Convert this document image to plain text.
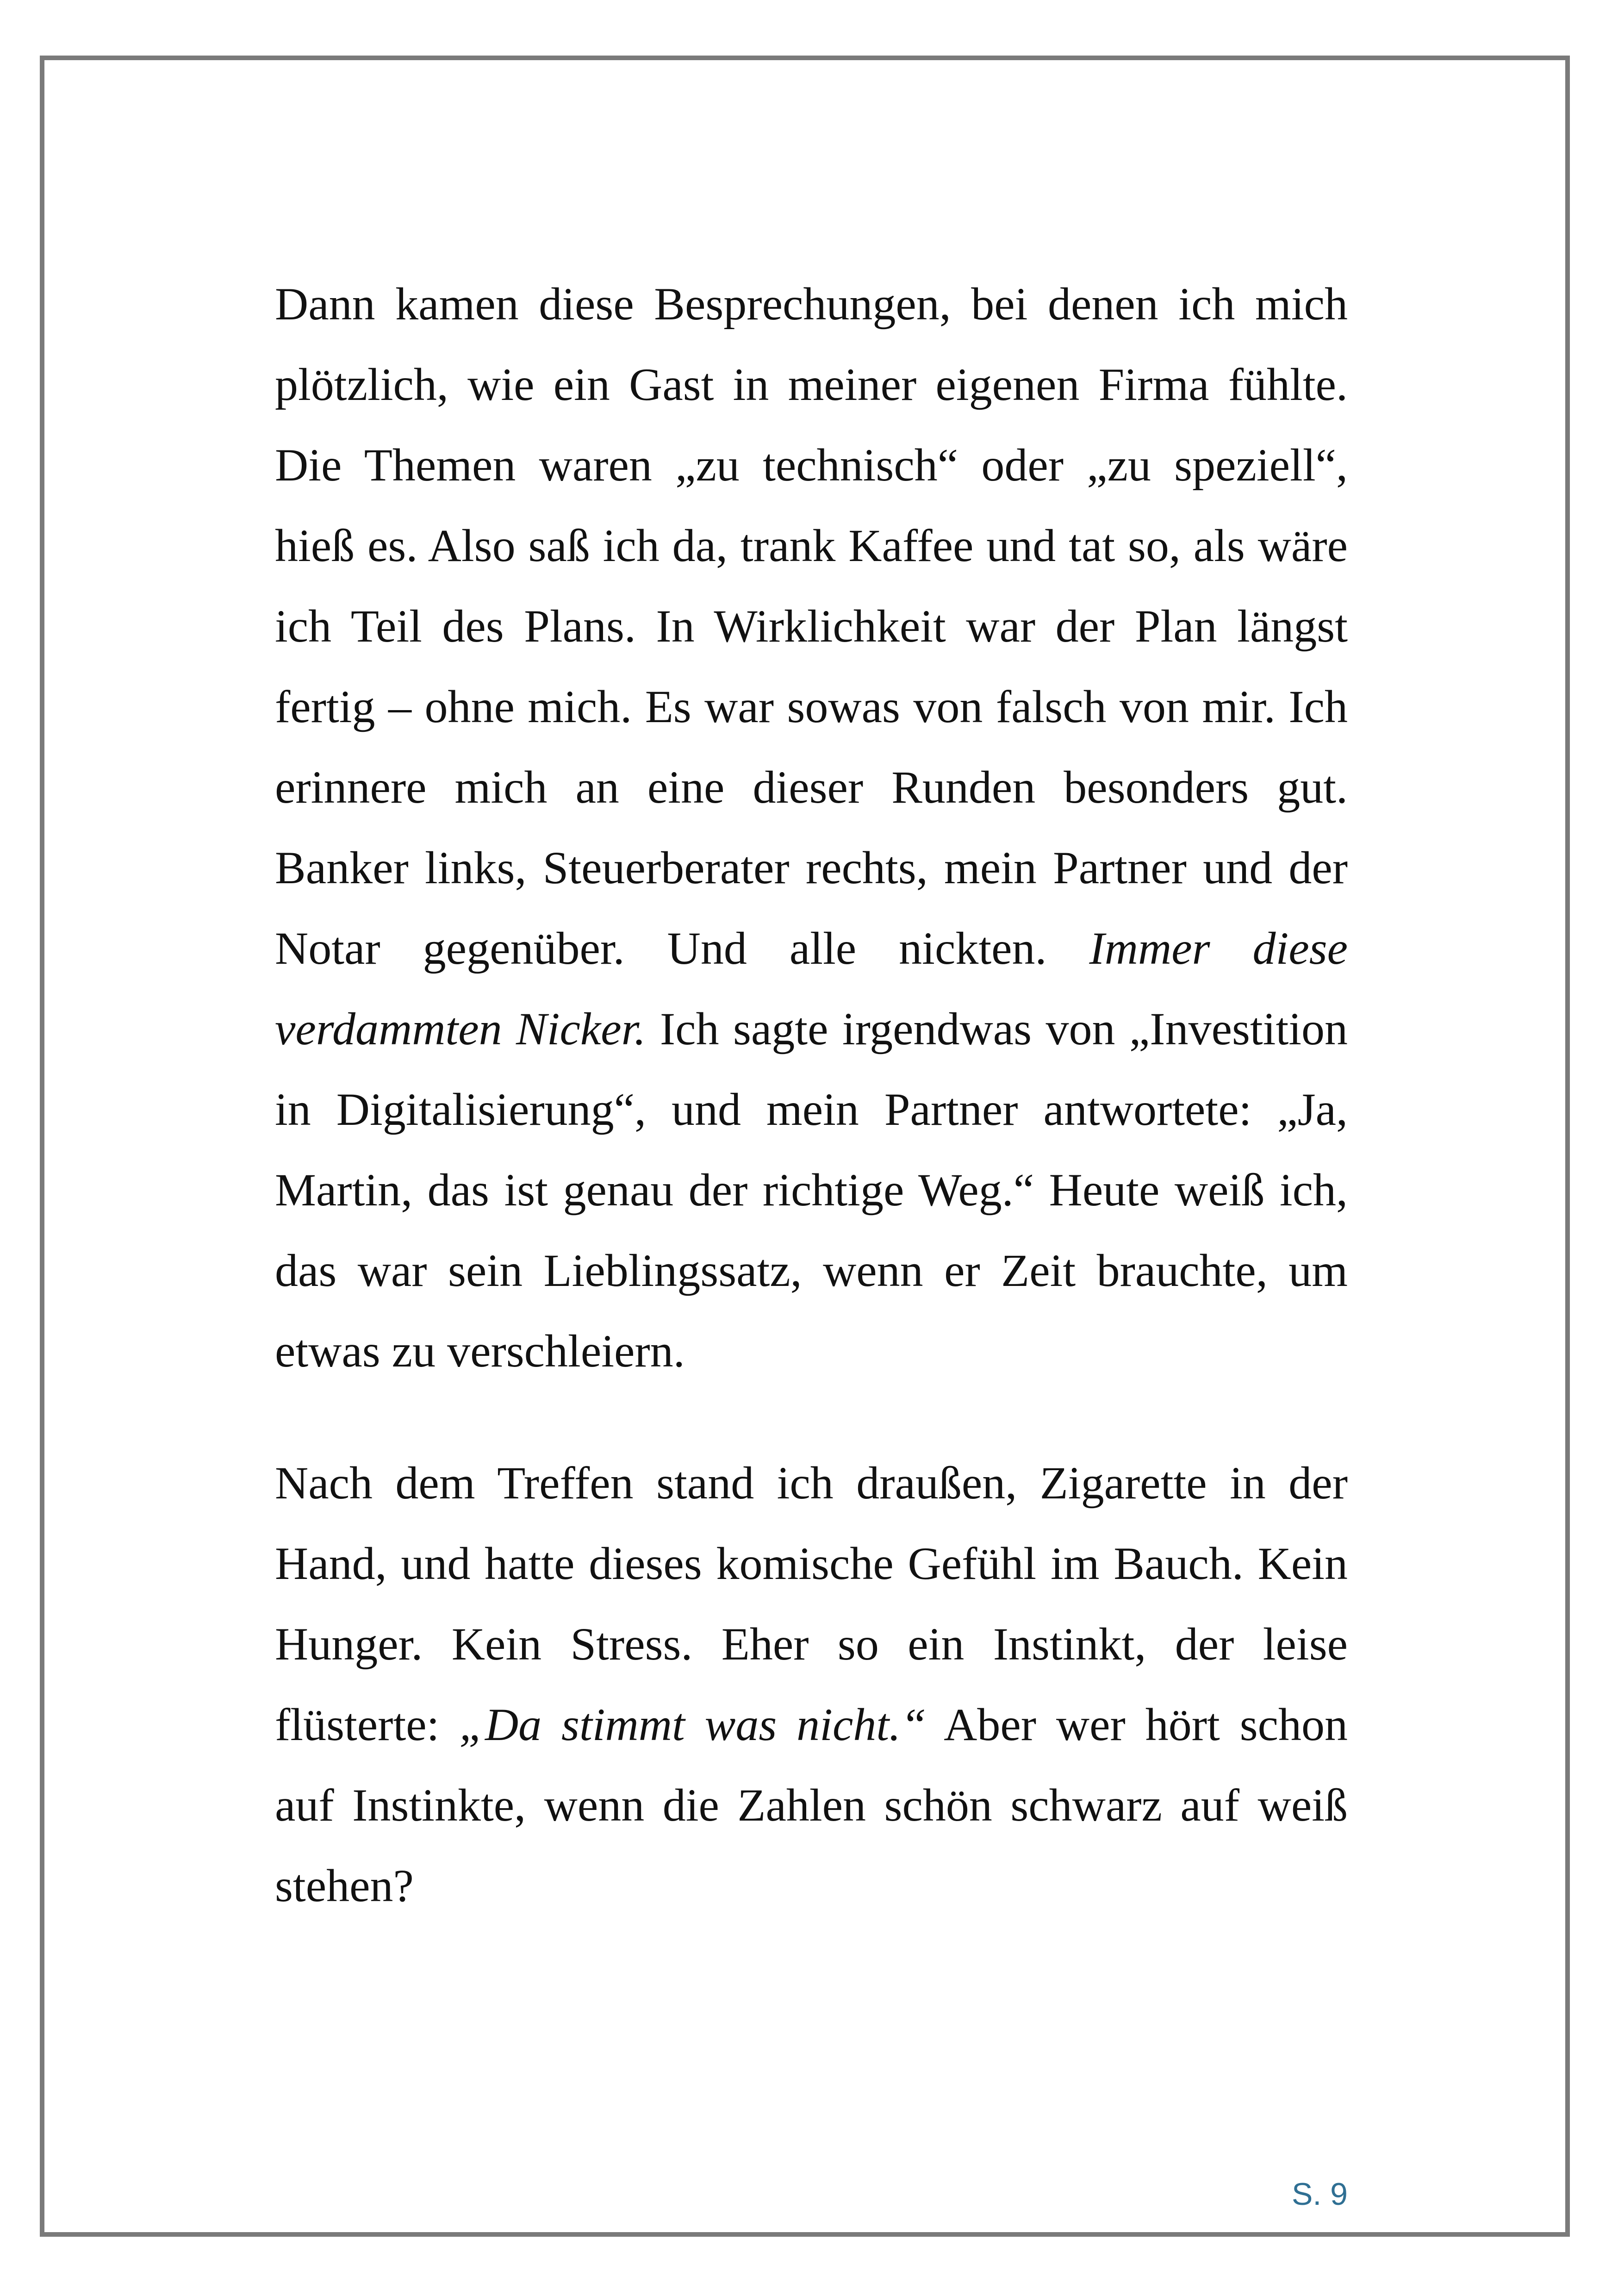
Dann kamen diese Besprechungen, bei denen ich mich plötzlich, wie ein Gast in meiner eigenen Firma fühlte. Die Themen waren „zu technisch“ oder „zu speziell“, hieß es. Also saß ich da, trank Kaffee und tat so, als wäre ich Teil des Plans. In Wirklichkeit war der Plan längst fertig – ohne mich. Es war sowas von falsch von mir. Ich erinnere mich an eine dieser Runden besonders gut. Banker links, Steuerberater rechts, mein Partner und der Notar gegenüber. Und alle nickten. Immer diese verdammten Nicker. Ich sagte irgendwas von „Investition in Digitalisierung“, und mein Partner antwortete: „Ja, Martin, das ist genau der richtige Weg.“ Heute weiß ich, das war sein Lieblingssatz, wenn er Zeit brauchte, um etwas zu verschleiern.

Nach dem Treffen stand ich draußen, Zigarette in der Hand, und hatte dieses komische Gefühl im Bauch. Kein Hunger. Kein Stress. Eher so ein Instinkt, der leise flüsterte: „Da stimmt was nicht.“ Aber wer hört schon auf Instinkte, wenn die Zahlen schön schwarz auf weiß stehen?

S. 9
